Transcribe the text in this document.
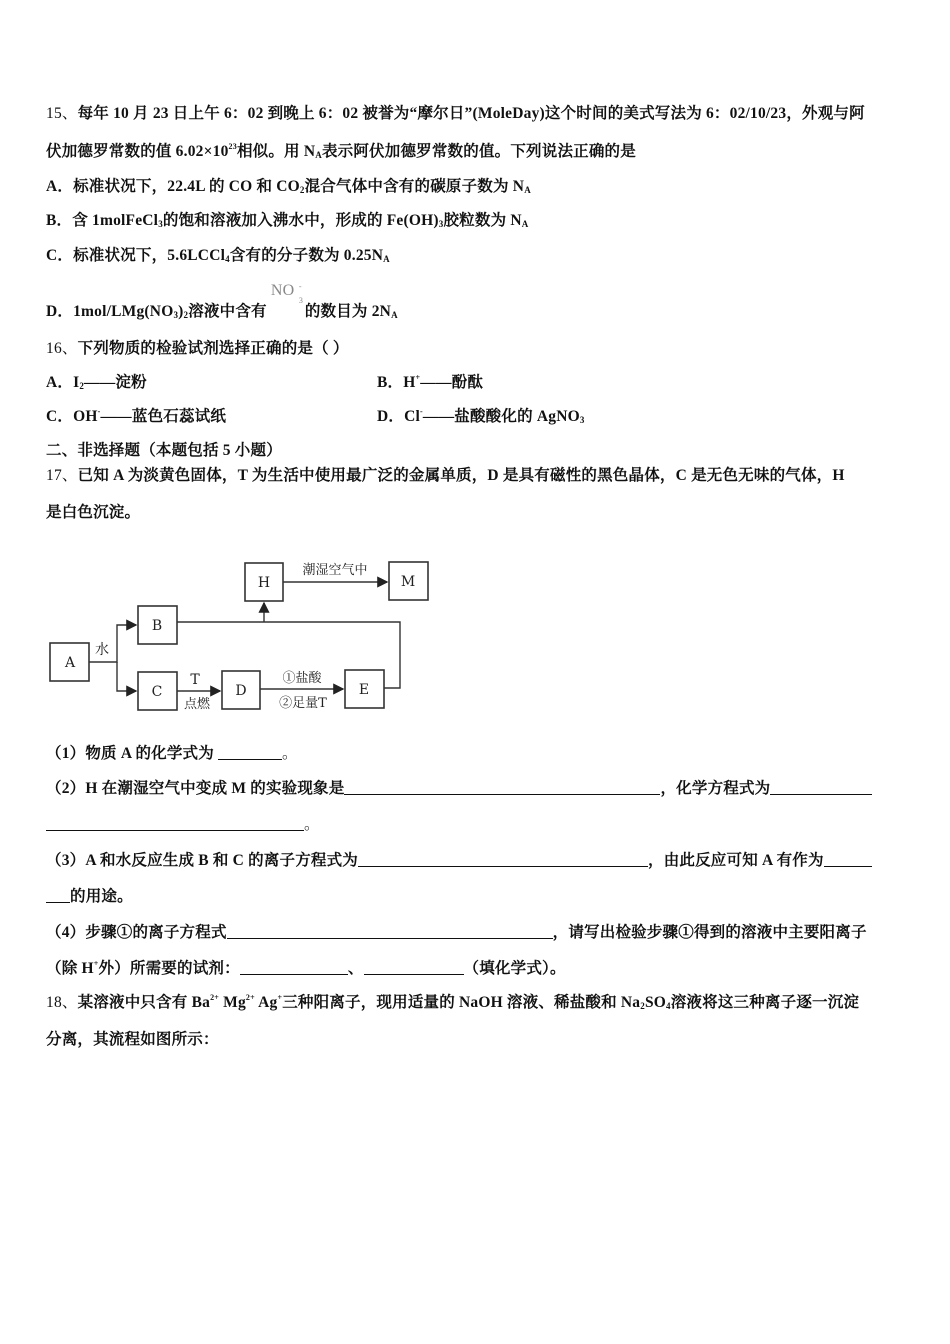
15、每年 10 月 23 日上午 6：02 到晚上 6：02 被誉为“摩尔日”(MoleDay)这个时间的美式写法为 6：02/10/23，外观与阿
伏加德罗常数的值 $6.02\times 10^{23}$相似。用 $N_A$表示阿伏加德罗常数的值。下列说法正确的是
A．标准状况下，22.4L 的 CO 和 $CO_2$混合气体中含有的碳原子数为 $N_A$
B．含 1molFeCl$_3$的饱和溶液加入沸水中，形成的 $Fe(OH)_3$胶粒数为 $N_A$
C．标准状况下，5.6LCCl$_4$含有的分子数为 $0.25N_A$
D．$1mol/LMg(NO_3)_2$溶液中含有
NO -
3
的数目为 $2N_A$
16、下列物质的检验试剂选择正确的是（ ）
A．$I_2——$淀粉	B．H+——酚酞
C．OH-——蓝色石蕊试纸	D．Cl-——盐酸酸化的 AgNO$_3$
二、非选择题（本题包括 5 小题）
17、已知 A 为淡黄色固体，T 为生活中使用最广泛的金属单质，D 是具有磁性的黑色晶体，C 是无色无味的气体，H
是白色沉淀。
A
B
C	D	E
H	M
水
T
点燃
①盐酸
②足量T
潮湿空气中
（1）物质 A 的化学式为	。
（2）H 在潮湿空气中变成 M 的实验现象是	，化学方程式为
。
（3）A 和水反应生成 B 和 C 的离子方程式为	，由此反应可知 A 有作为
的用途。
（4）步骤①的离子方程式	，请写出检验步骤①得到的溶液中主要阳离子
（除 H+外）所需要的试剂：	、	（填化学式）。
18、某溶液中只含有 $Ba^{2+}$ $Mg^{2+}$ Ag+三种阳离子，现用适量的 NaOH 溶液、稀盐酸和 $Na_2SO_4$溶液将这三种离子逐一沉淀
分离，其流程如图所示：
